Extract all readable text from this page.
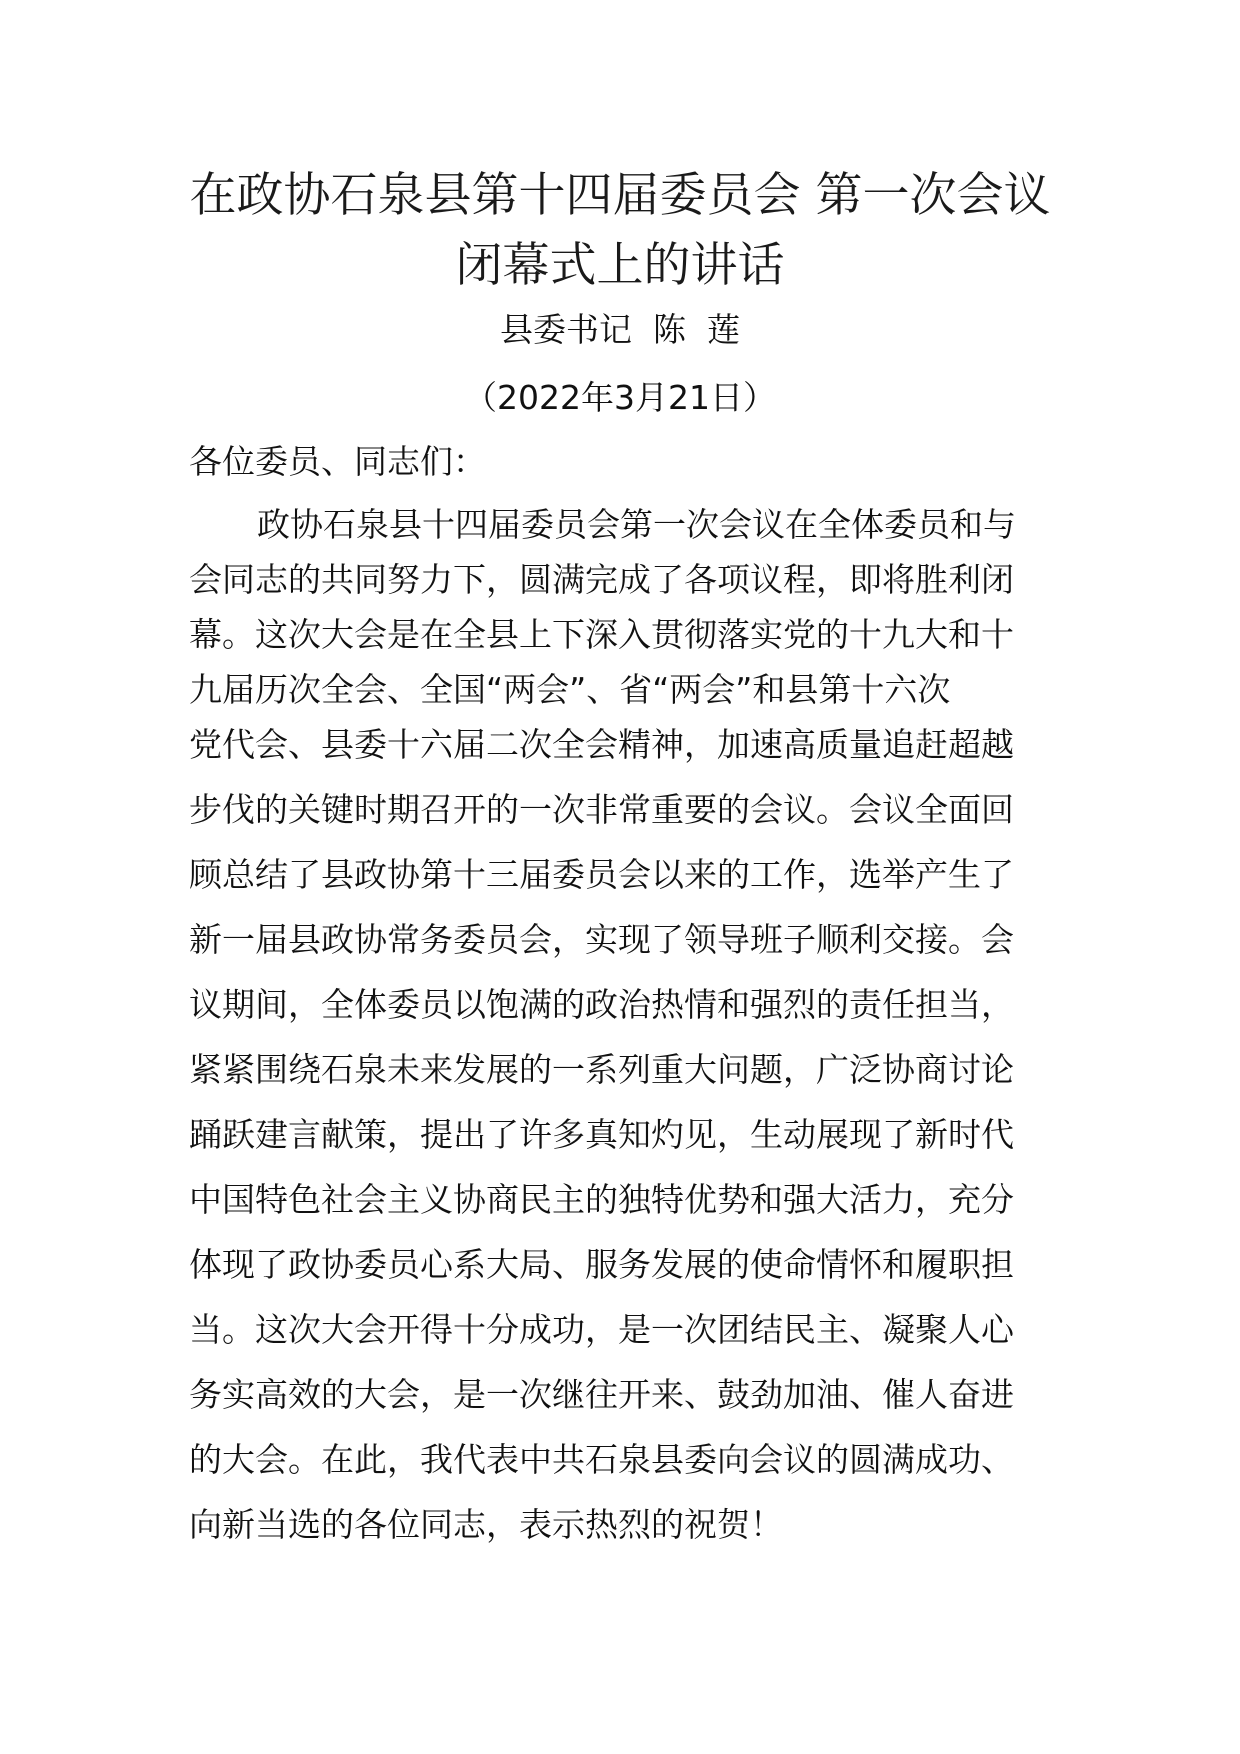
在政协石泉县第十四届委员会 第一次会议
闭幕式上的讲话
县委书记  陈  莲
（2022年3月21日）
各位委员、同志们：
政协石泉县十四届委员会第一次会议在全体委员和与
会同志的共同努力下，圆满完成了各项议程，即将胜利闭
幕。这次大会是在全县上下深入贯彻落实党的十九大和十
九届历次全会、全国“两会”、省“两会”和县第十六次
党代会、县委十六届二次全会精神，加速高质量追赶超越
步伐的关键时期召开的一次非常重要的会议。会议全面回
顾总结了县政协第十三届委员会以来的工作，选举产生了
新一届县政协常务委员会，实现了领导班子顺利交接。会
议期间，全体委员以饱满的政治热情和强烈的责任担当，
紧紧围绕石泉未来发展的一系列重大问题，广泛协商讨论
踊跃建言献策，提出了许多真知灼见，生动展现了新时代
中国特色社会主义协商民主的独特优势和强大活力，充分
体现了政协委员心系大局、服务发展的使命情怀和履职担
当。这次大会开得十分成功，是一次团结民主、凝聚人心
务实高效的大会，是一次继往开来、鼓劲加油、催人奋进
的大会。在此，我代表中共石泉县委向会议的圆满成功、
向新当选的各位同志，表示热烈的祝贺！
